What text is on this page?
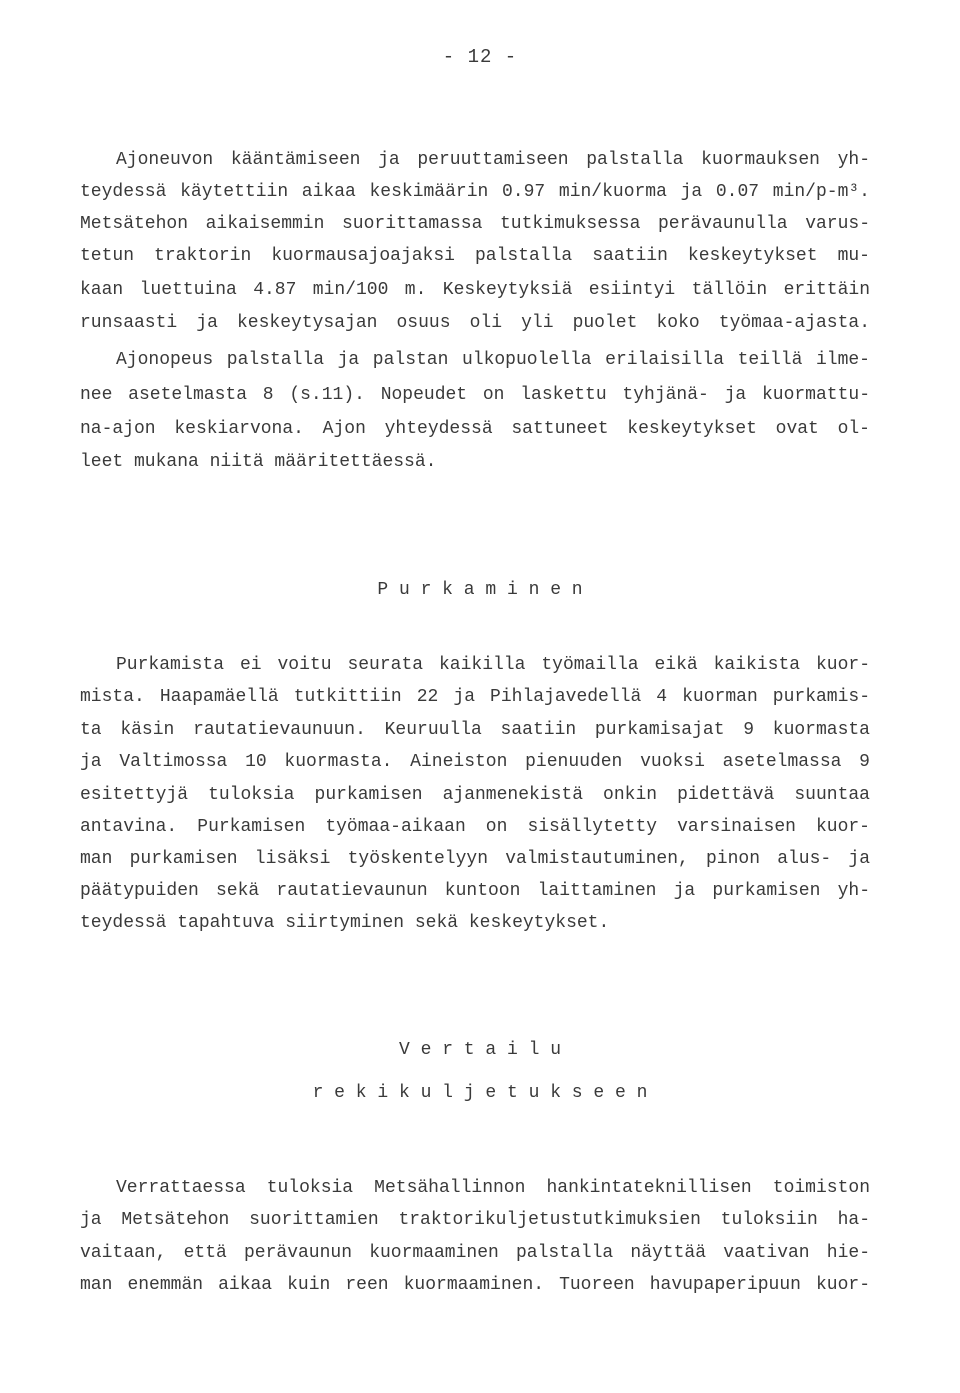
- 12 -
Ajoneuvon kääntämiseen ja peruuttamiseen palstalla kuormauksen yh-
teydessä käytettiin aikaa keskimäärin 0.97 min/kuorma ja 0.07 min/p-m³.
Metsätehon aikaisemmin suorittamassa tutkimuksessa perävaunulla varus-
tetun traktorin kuormausajoajaksi palstalla saatiin keskeytykset mu-
kaan luettuina 4.87 min/100 m. Keskeytyksiä esiintyi tällöin erittäin
runsaasti ja keskeytysajan osuus oli yli puolet koko työmaa-ajasta.
Ajonopeus palstalla ja palstan ulkopuolella erilaisilla teillä ilme-
nee asetelmasta 8 (s.11). Nopeudet on laskettu tyhjänä- ja kuormattu-
na-ajon keskiarvona. Ajon yhteydessä sattuneet keskeytykset ovat ol-
leet mukana niitä määritettäessä.
P u r k a m i n e n
Purkamista ei voitu seurata kaikilla työmailla eikä kaikista kuor-
mista. Haapamäellä tutkittiin 22 ja Pihlajavedellä 4 kuorman purkamis-
ta käsin rautatievaunuun. Keuruulla saatiin purkamisajat 9 kuormasta
ja Valtimossa 10 kuormasta. Aineiston pienuuden vuoksi asetelmassa 9
esitettyjä tuloksia purkamisen ajanmenekistä onkin pidettävä suuntaa
antavina. Purkamisen työmaa-aikaan on sisällytetty varsinaisen kuor-
man purkamisen lisäksi työskentelyyn valmistautuminen, pinon alus- ja
päätypuiden sekä rautatievaunun kuntoon laittaminen ja purkamisen yh-
teydessä tapahtuva siirtyminen sekä keskeytykset.
V e r t a i l u
r e k i k u l j e t u k s e e n
Verrattaessa tuloksia Metsähallinnon hankintateknillisen toimiston
ja Metsätehon suorittamien traktorikuljetustutkimuksien tuloksiin ha-
vaitaan, että perävaunun kuormaaminen palstalla näyttää vaativan hie-
man enemmän aikaa kuin reen kuormaaminen. Tuoreen havupaperipuun kuor-
